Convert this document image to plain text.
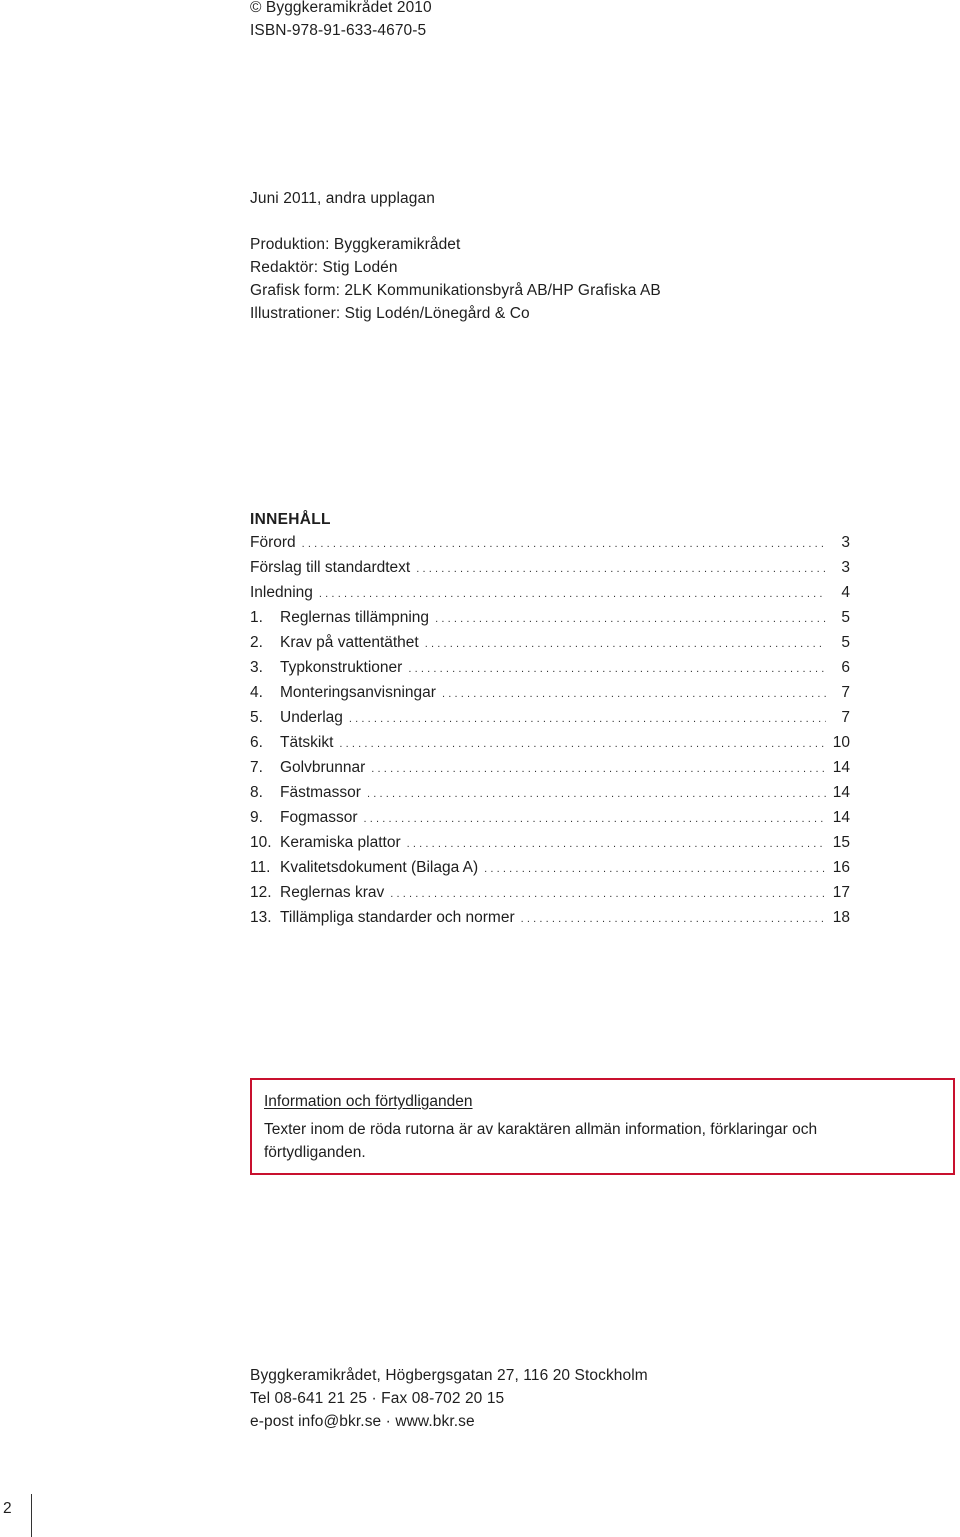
© Byggkeramikrådet 2010
ISBN-978-91-633-4670-5
Juni 2011, andra upplagan
Produktion: Byggkeramikrådet
Redaktör: Stig Lodén
Grafisk form: 2LK Kommunikationsbyrå AB/HP Grafiska AB
Illustrationer: Stig Lodén/Lönegård & Co
INNEHÅLL
Förord .....	3
Förslag till standardtext .....	3
Inledning .....	4
1.	Reglernas tillämpning .....	5
2.	Krav på vattentäthet .....	5
3.	Typkonstruktioner .....	6
4.	Monteringsanvisningar .....	7
5.	Underlag .....	7
6.	Tätskikt .....	10
7.	Golvbrunnar .....	14
8.	Fästmassor .....	14
9.	Fogmassor .....	14
10. Keramiska plattor .....	15
11. Kvalitetsdokument (Bilaga A) .....	16
12. Reglernas krav .....	17
13. Tillämpliga standarder och normer .....	18
Information och förtydliganden
Texter inom de röda rutorna är av karaktären allmän information, förklaringar och förtydliganden.
Byggkeramikrådet, Högbergsgatan 27, 116 20 Stockholm
Tel 08-641 21 25 · Fax 08-702 20 15
e-post info@bkr.se · www.bkr.se
2
